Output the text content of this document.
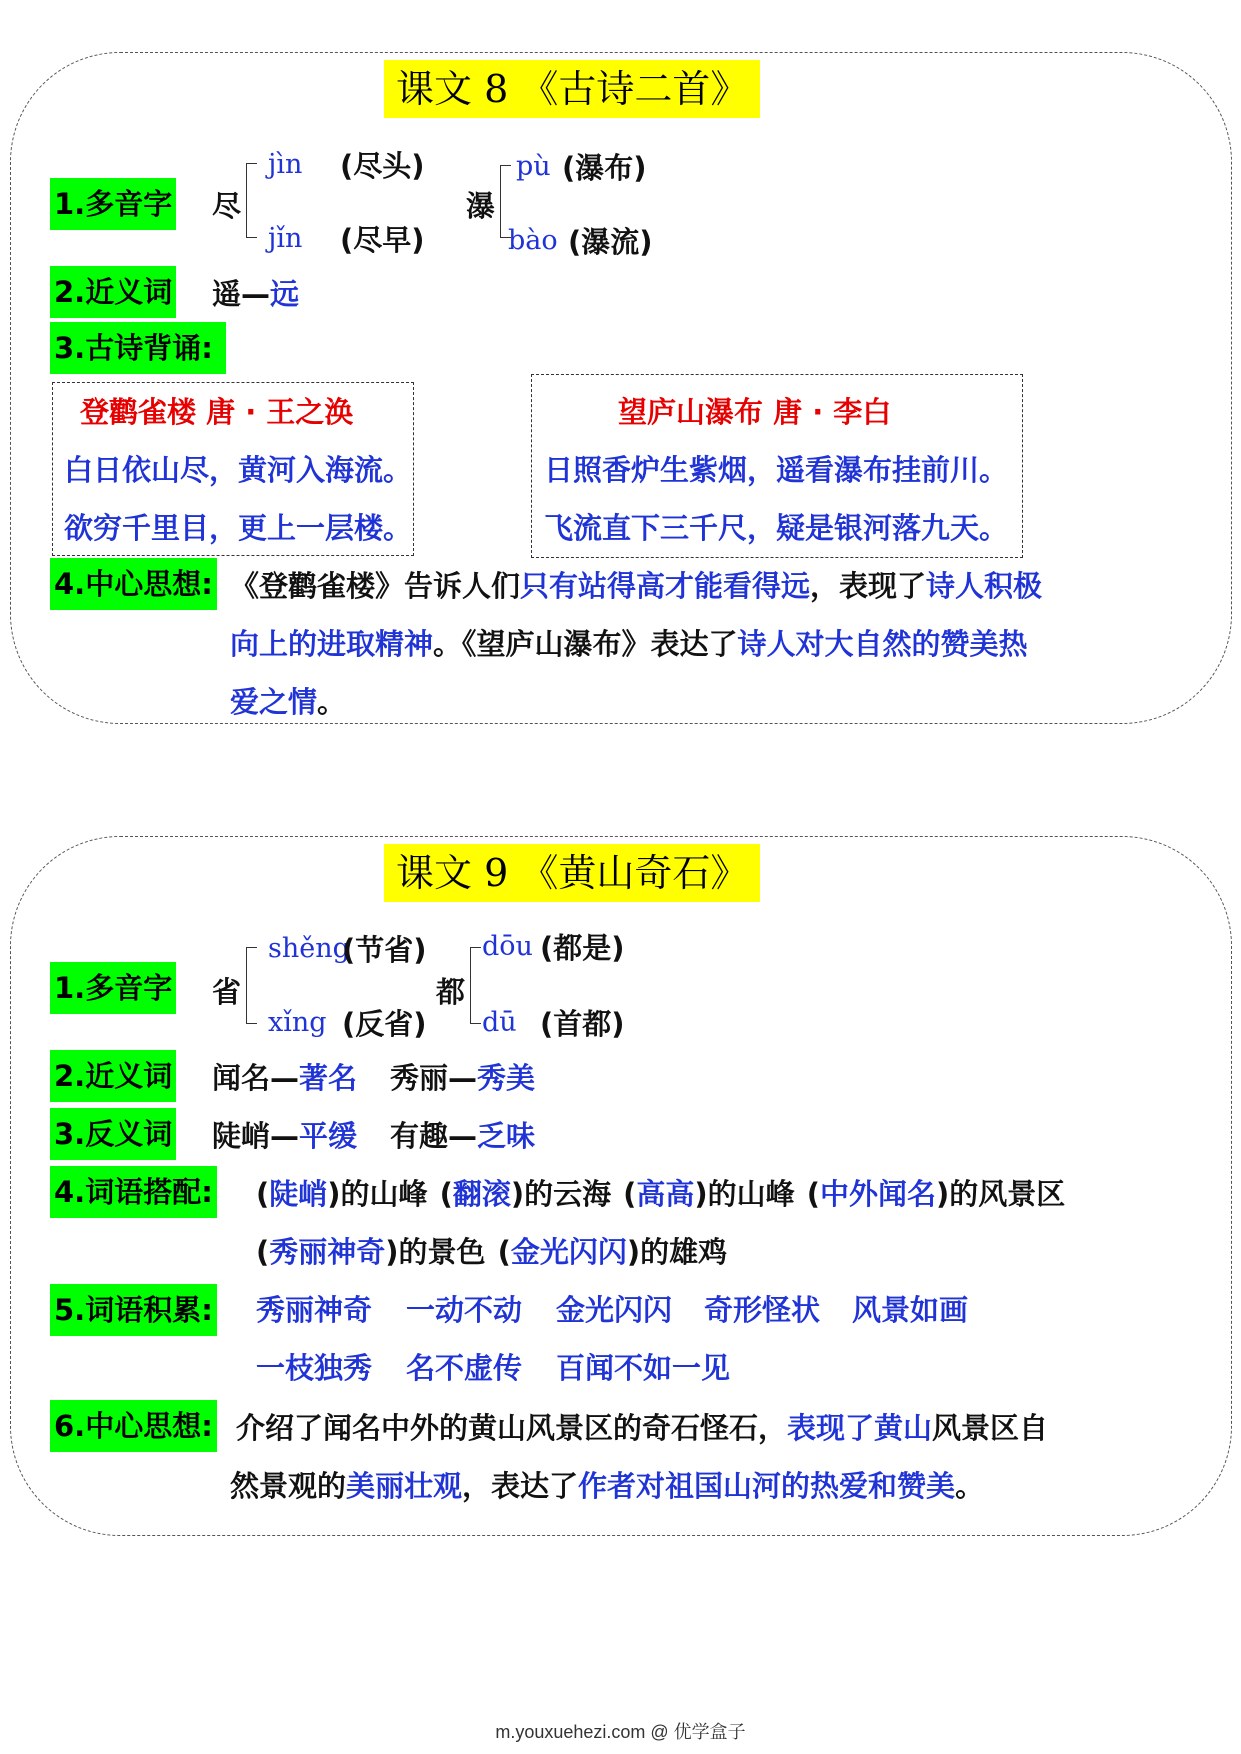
课文 8 《古诗二首》
1.多音字 尽
jìn (尽头)
jǐn (尽早)
瀑
pù (瀑布)
bào (瀑流)
2.近义词 遥— 远
3.古诗背诵:
登鹳雀楼 唐 · 王之涣
白日依山尽，黄河入海流。
欲穷千里目，更上一层楼。
望庐山瀑布 唐 · 李白
日照香炉生紫烟，遥看瀑布挂前川。
飞流直下三千尺，疑是银河落九天。
4.中心思想: 《登鹳雀楼》告诉人们只有站得高才能看得远，表现了诗人积极
向上的进取精神。《望庐山瀑布》表达了诗人对大自然的赞美热
爱之情。
课文 9 《黄山奇石》
1.多音字 省
shěng
(节省)
xǐng (反省)
都
dōu (都是)
dū (首都)
2.近义词 闻名—著名 秀丽—秀美
3.反义词 陡峭—平缓 有趣—乏味
4.词语搭配: (陡峭)的山峰 (翻滚)的云海 (高高)的山峰 (中外闻名)的风景区
(秀丽神奇)的景色 (金光闪闪)的雄鸡
5.词语积累: 秀丽神奇 一动不动 金光闪闪 奇形怪状 风景如画
一枝独秀 名不虚传 百闻不如一见
6.中心思想: 介绍了闻名中外的黄山风景区的奇石怪石，表现了黄山风景区自
然景观的美丽壮观，表达了作者对祖国山河的热爱和赞美。
m.youxuehezi.com @ 优学盒子
